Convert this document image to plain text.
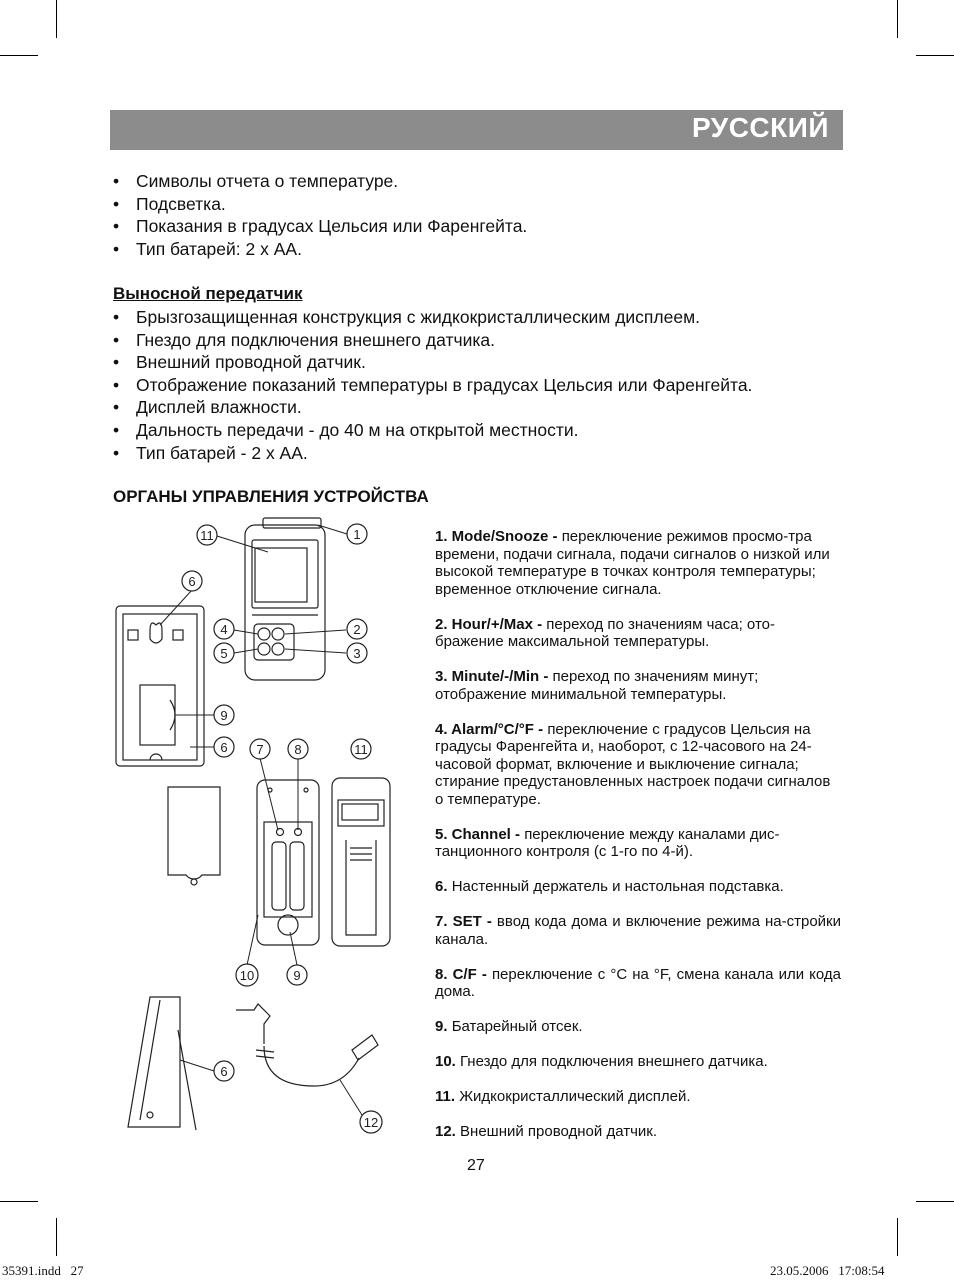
РУССКИЙ
• Символы отчета о температуре.
• Подсветка.
• Показания в градусах Цельсия или Фаренгейта.
• Тип батарей: 2 х АА.
Выносной передатчик
• Брызгозащищенная конструкция с жидкокристаллическим дисплеем.
• Гнездо для подключения внешнего датчика.
• Внешний проводной датчик.
• Отображение показаний температуры в градусах Цельсия или Фаренгейта.
• Дисплей влажности.
• Дальность передачи - до 40 м на открытой местности.
• Тип батарей - 2 х АА.
ОРГАНЫ УПРАВЛЕНИЯ УСТРОЙСТВА
11	1
6
4	2
5	3
9
6 7 8	11
10	9
6
12
1. Mode/Snooze - переключение режимов просмо-тра времени, подачи сигнала, подачи сигналов о низкой или высокой температуре в точках контроля температуры; временное отключение сигнала.
2. Hour/+/Max - переход по значениям часа; ото-бражение максимальной температуры.
3. Minute/-/Min - переход по значениям минут; отображение минимальной температуры.
4. Alarm/°C/°F - переключение с градусов Цельсия на градусы Фаренгейта и, наоборот, с 12-часового на 24-часовой формат, включение и выключение сигнала; стирание предустановленных настроек подачи сигналов о температуре.
5. Channel - переключение между каналами дис-танционного контроля (с 1-го по 4-й).
6. Настенный держатель и настольная подставка.
7. SET - ввод кода дома и включение режима на-стройки канала.
8. C/F - переключение с °C на °F, смена канала или кода дома.
9. Батарейный отсек.
10. Гнездо для подключения внешнего датчика.
11. Жидкокристаллический дисплей.
12. Внешний проводной датчик.
27
35391.indd   27	23.05.2006   17:08:54
